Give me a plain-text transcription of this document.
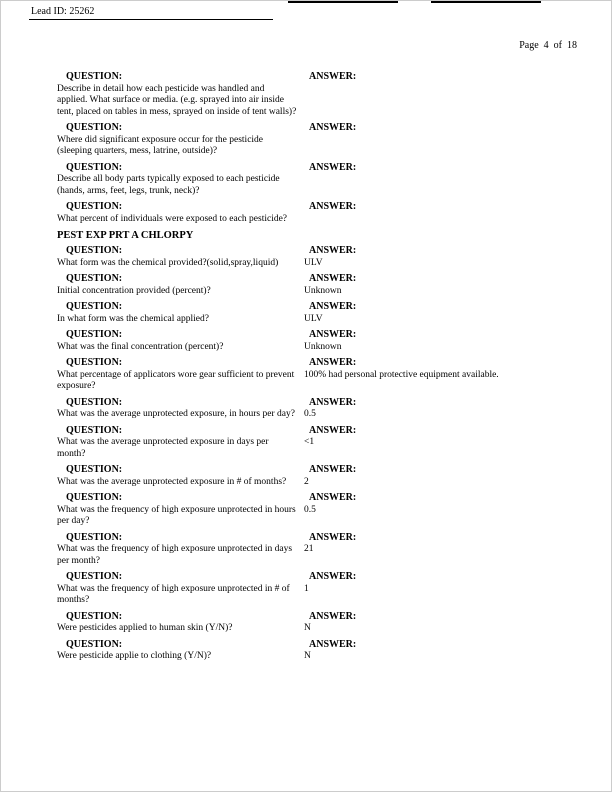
Lead ID: 25262
Page  4  of  18
QUESTION:
Describe in detail how each pesticide was handled and applied. What surface or media. (e.g. sprayed into air inside tent, placed on tables in mess, sprayed on inside of tent walls)?
ANSWER:
QUESTION:
Where did significant exposure occur for the pesticide (sleeping quarters, mess, latrine, outside)?
ANSWER:
QUESTION:
Describe all body parts typically exposed to each pesticide (hands, arms, feet, legs, trunk, neck)?
ANSWER:
QUESTION:
What percent of individuals were exposed to each pesticide?
ANSWER:
PEST EXP PRT A CHLORPY
QUESTION:
What form was the chemical provided?(solid,spray,liquid)
ANSWER:
ULV
QUESTION:
Initial concentration provided (percent)?
ANSWER:
Unknown
QUESTION:
In what form was the chemical applied?
ANSWER:
ULV
QUESTION:
What was the final concentration (percent)?
ANSWER:
Unknown
QUESTION:
What percentage of applicators wore gear sufficient to prevent exposure?
ANSWER:
100% had personal protective equipment available.
QUESTION:
What was the average unprotected exposure, in hours per day?
ANSWER:
0.5
QUESTION:
What was the average unprotected exposure in days per month?
ANSWER:
<1
QUESTION:
What was the average unprotected exposure in # of months?
ANSWER:
2
QUESTION:
What was the frequency of high exposure unprotected in hours per day?
ANSWER:
0.5
QUESTION:
What was the frequency of high exposure unprotected in days per month?
ANSWER:
21
QUESTION:
What was the frequency of high exposure unprotected in # of months?
ANSWER:
1
QUESTION:
Were pesticides applied to human skin (Y/N)?
ANSWER:
N
QUESTION:
Were pesticide applie to clothing (Y/N)?
ANSWER:
N
